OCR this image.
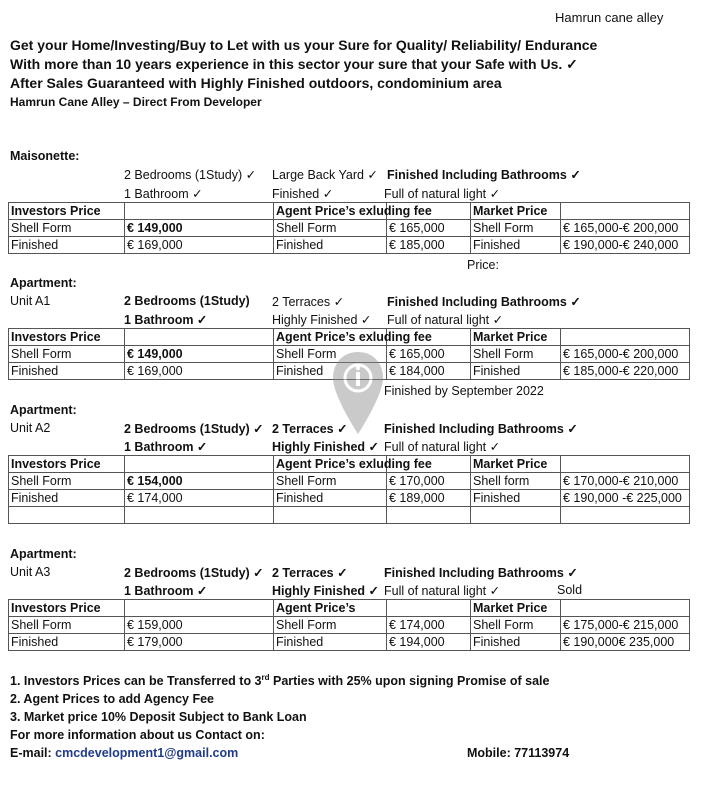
Hamrun cane alley
Get your Home/Investing/Buy to Let with us your Sure for Quality/ Reliability/ Endurance
With more than 10 years experience in this sector your sure that your Safe with Us. ✓
After Sales Guaranteed with Highly Finished outdoors, condominium area
Hamrun Cane Alley – Direct From Developer
Maisonette:
2 Bedrooms (1Study) ✓ Large Back Yard ✓ Finished Including Bathrooms ✓
1 Bathroom ✓	Finished ✓	Full of natural light ✓
Investors Price		Agent Price’s exluding fee		Market Price	
Shell Form	€ 149,000	Shell Form	€ 165,000	Shell Form	€ 165,000-€ 200,000
Finished	€ 169,000	Finished	€ 185,000	Finished	€ 190,000-€ 240,000
Price:
Apartment:
Unit A1	2 Bedrooms (1Study) 2 Terraces ✓	Finished Including Bathrooms ✓
1 Bathroom ✓	Highly Finished ✓ Full of natural light ✓
Investors Price		Agent Price’s exluding fee		Market Price	
Shell Form	€ 149,000	Shell Form	€ 165,000	Shell Form	€ 165,000-€ 200,000
Finished	€ 169,000	Finished	€ 184,000	Finished	€ 185,000-€ 220,000
Finished by September 2022
Apartment:
Unit A2	2 Bedrooms (1Study) ✓ 2 Terraces ✓	Finished Including Bathrooms ✓
1 Bathroom ✓	Highly Finished ✓ Full of natural light ✓
Investors Price		Agent Price’s exluding fee		Market Price	
Shell Form	€ 154,000	Shell Form	€ 170,000	Shell form	€ 170,000-€ 210,000
Finished	€ 174,000	Finished	€ 189,000	Finished	€ 190,000 -€ 225,000

Apartment:
Unit A3	2 Bedrooms (1Study) ✓ 2 Terraces ✓	Finished Including Bathrooms ✓
1 Bathroom ✓	Highly Finished ✓ Full of natural light ✓	Sold
Investors Price		Agent Price’s		Market Price	
Shell Form	€ 159,000	Shell Form	€ 174,000	Shell Form	€ 175,000-€ 215,000
Finished	€ 179,000	Finished	€ 194,000	Finished	€ 190,000€ 235,000
1. Investors Prices can be Transferred to 3rd Parties with 25% upon signing Promise of sale
2. Agent Prices to add Agency Fee
3. Market price 10% Deposit Subject to Bank Loan
For more information about us Contact on:
E-mail: cmcdevelopment1@gmail.com	Mobile: 77113974
